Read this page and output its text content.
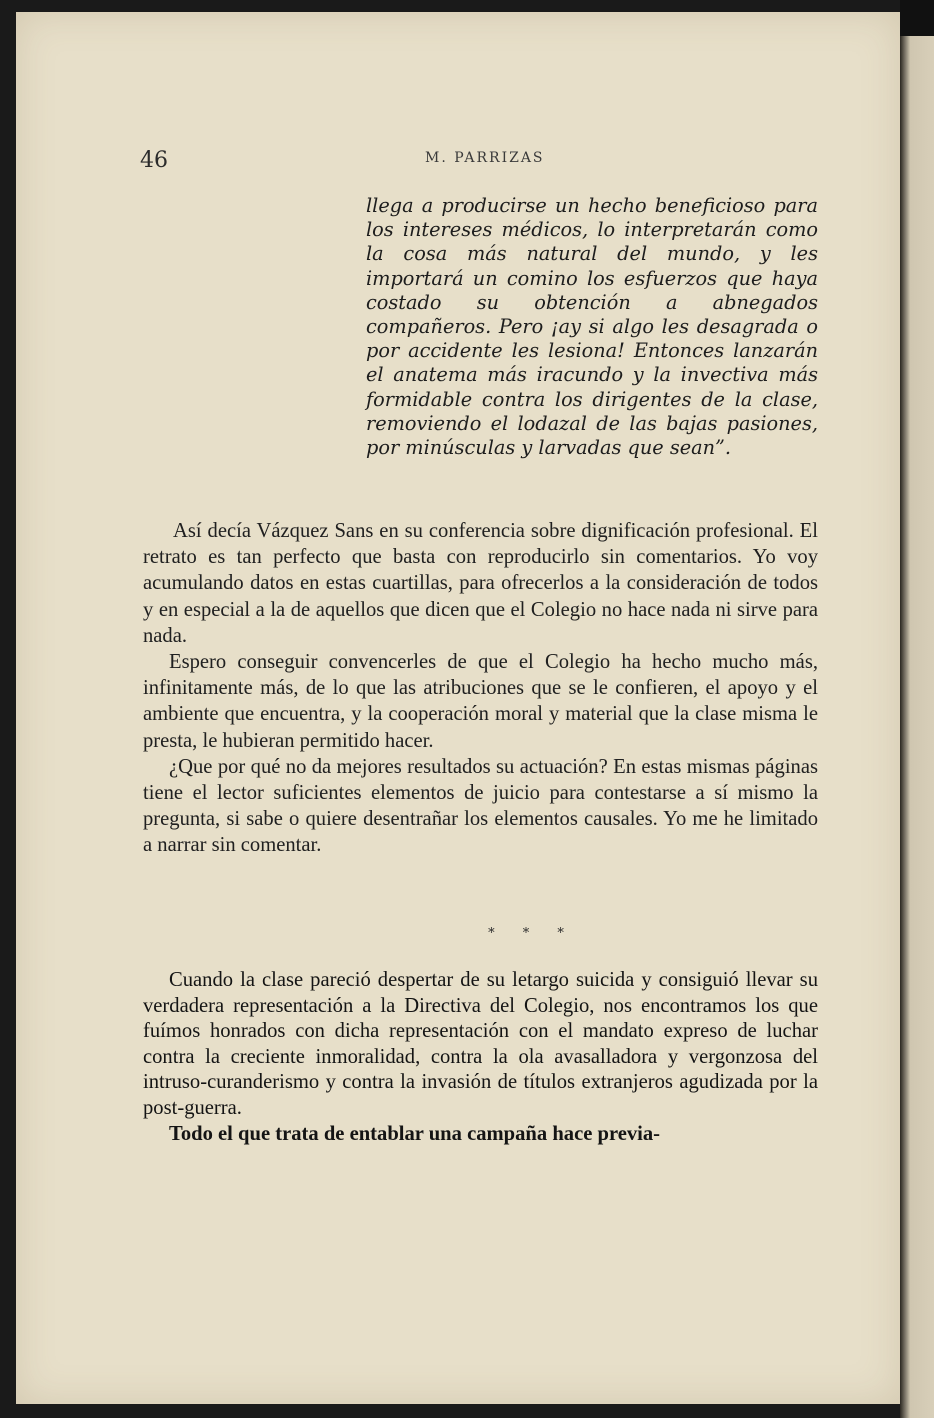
46	M. PARRIZAS

llega a producirse un hecho beneficioso para los intereses médicos, lo interpretarán como la cosa más natural del mundo, y les importará un comino los esfuerzos que haya costado su obtención a abnegados compañeros. Pero ¡ay si algo les desagrada o por accidente les lesiona! Entonces lanzarán el anatema más iracundo y la invectiva más formidable contra los dirigentes de la clase, removiendo el lodazal de las bajas pasiones, por minúsculas y larvadas que sean”.

Así decía Vázquez Sans en su conferencia sobre dignificación profesional. El retrato es tan perfecto que basta con reproducirlo sin comentarios. Yo voy acumulando datos en estas cuartillas, para ofrecerlos a la consideración de todos y en especial a la de aquellos que dicen que el Colegio no hace nada ni sirve para nada.

Espero conseguir convencerles de que el Colegio ha hecho mucho más, infinitamente más, de lo que las atribuciones que se le confieren, el apoyo y el ambiente que encuentra, y la cooperación moral y material que la clase misma le presta, le hubieran permitido hacer.

¿Que por qué no da mejores resultados su actuación? En estas mismas páginas tiene el lector suficientes elementos de juicio para contestarse a sí mismo la pregunta, si sabe o quiere desentrañar los elementos causales. Yo me he limitado a narrar sin comentar.

* * *

Cuando la clase pareció despertar de su letargo suicida y consiguió llevar su verdadera representación a la Directiva del Colegio, nos encontramos los que fuímos honrados con dicha representación con el mandato expreso de luchar contra la creciente inmoralidad, contra la ola avasalladora y vergonzosa del intruso-curanderismo y contra la invasión de títulos extranjeros agudizada por la post-guerra.

Todo el que trata de entablar una campaña hace previa-
